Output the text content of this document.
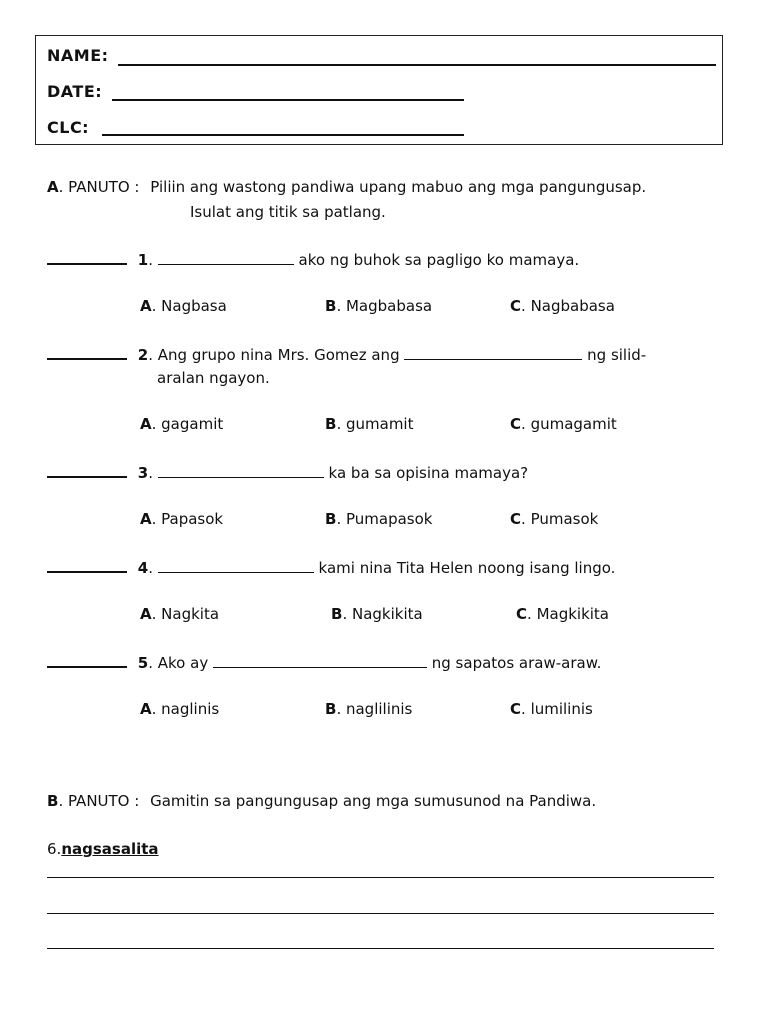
NAME:
DATE:
CLC:
A. PANUTO : Piliin ang wastong pandiwa upang mabuo ang mga pangungusap.
Isulat ang titik sa patlang.
1.	ako ng buhok sa pagligo ko mamaya.
A. Nagbasa	B. Magbabasa	C. Nagbabasa
2. Ang grupo nina Mrs. Gomez ang	ng silid-
aralan ngayon.
A. gagamit	B. gumamit	C. gumagamit
3.	ka ba sa opisina mamaya?
A. Papasok	B. Pumapasok	C. Pumasok
4.	kami nina Tita Helen noong isang lingo.
A. Nagkita	B. Nagkikita	C. Magkikita
5. Ako ay	ng sapatos araw-araw.
A. naglinis	B. naglilinis	C. lumilinis
B. PANUTO : Gamitin sa pangungusap ang mga sumusunod na Pandiwa.
6.nagsasalita
